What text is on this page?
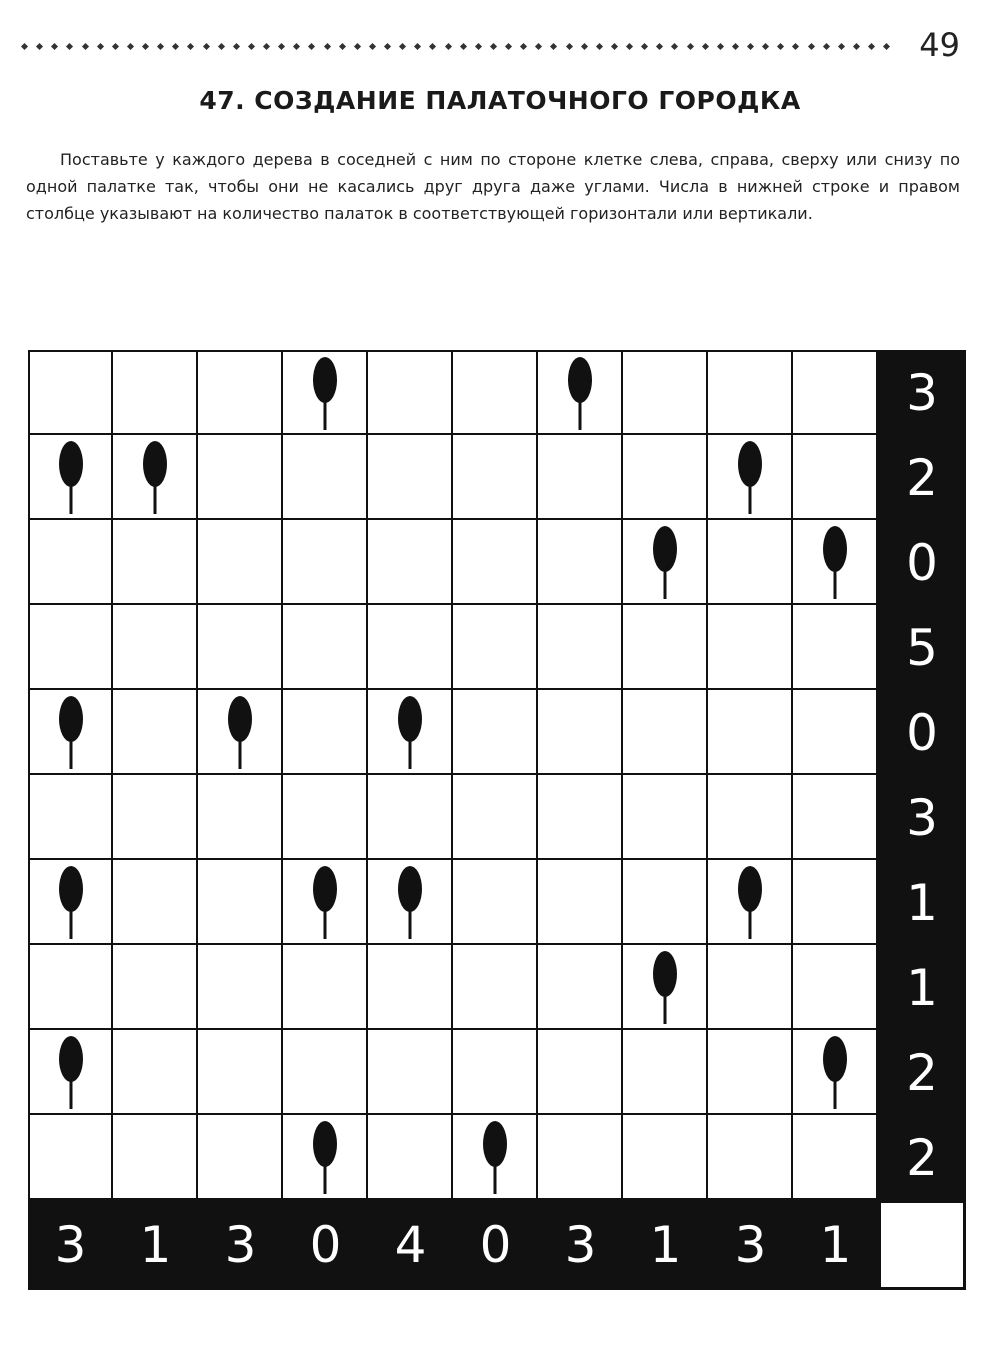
49
47. СОЗДАНИЕ ПАЛАТОЧНОГО ГОРОДКА
Поставьте у каждого дерева в соседней с ним по стороне клетке слева, справа, сверху или снизу по одной палатке так, чтобы они не касались друг друга даже углами. Числа в нижней строке и правом столбце указывают на количество палаток в соответствующей горизонтали или вертикали.
3
2
0
5
0
3
1
1
2
2
3	1	3	0	4	0	3	1	3	1
